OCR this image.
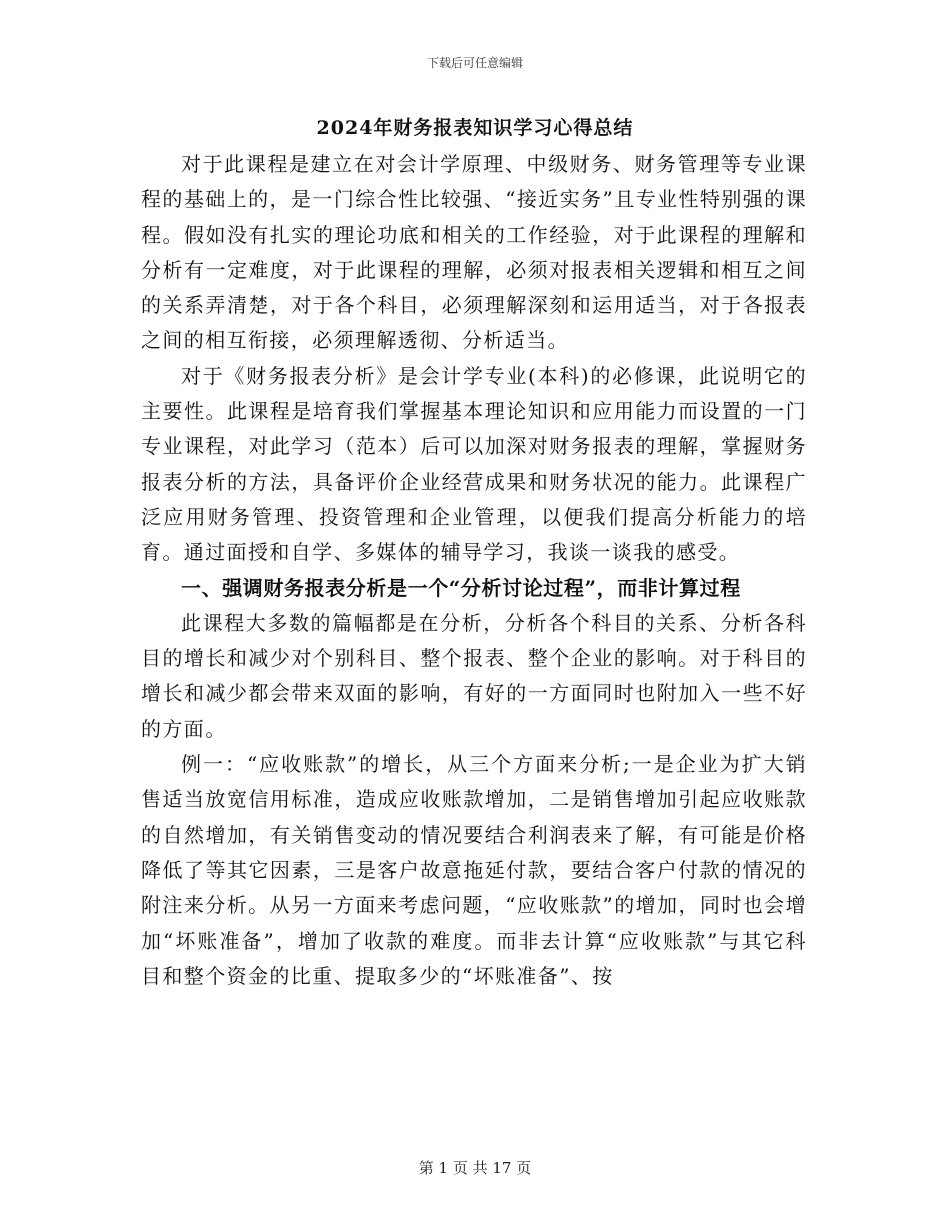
下载后可任意编辑
2024年财务报表知识学习心得总结

对于此课程是建立在对会计学原理、中级财务、财务管理等专业课程的基础上的，是一门综合性比较强、“接近实务”且专业性特别强的课程。假如没有扎实的理论功底和相关的工作经验，对于此课程的理解和分析有一定难度，对于此课程的理解，必须对报表相关逻辑和相互之间的关系弄清楚，对于各个科目，必须理解深刻和运用适当，对于各报表之间的相互衔接，必须理解透彻、分析适当。

对于《财务报表分析》是会计学专业(本科)的必修课，此说明它的主要性。此课程是培育我们掌握基本理论知识和应用能力而设置的一门专业课程，对此学习（范本）后可以加深对财务报表的理解，掌握财务报表分析的方法，具备评价企业经营成果和财务状况的能力。此课程广泛应用财务管理、投资管理和企业管理，以便我们提高分析能力的培育。通过面授和自学、多媒体的辅导学习，我谈一谈我的感受。

一、强调财务报表分析是一个“分析讨论过程”，而非计算过程

此课程大多数的篇幅都是在分析，分析各个科目的关系、分析各科目的增长和减少对个别科目、整个报表、整个企业的影响。对于科目的增长和减少都会带来双面的影响，有好的一方面同时也附加入一些不好的方面。

例一：“应收账款”的增长，从三个方面来分析;一是企业为扩大销售适当放宽信用标准，造成应收账款增加，二是销售增加引起应收账款的自然增加，有关销售变动的情况要结合利润表来了解，有可能是价格降低了等其它因素，三是客户故意拖延付款，要结合客户付款的情况的附注来分析。从另一方面来考虑问题，“应收账款”的增加，同时也会增加“坏账准备”，增加了收款的难度。而非去计算“应收账款”与其它科目和整个资金的比重、提取多少的“坏账准备”、按

第 1 页 共 17 页
